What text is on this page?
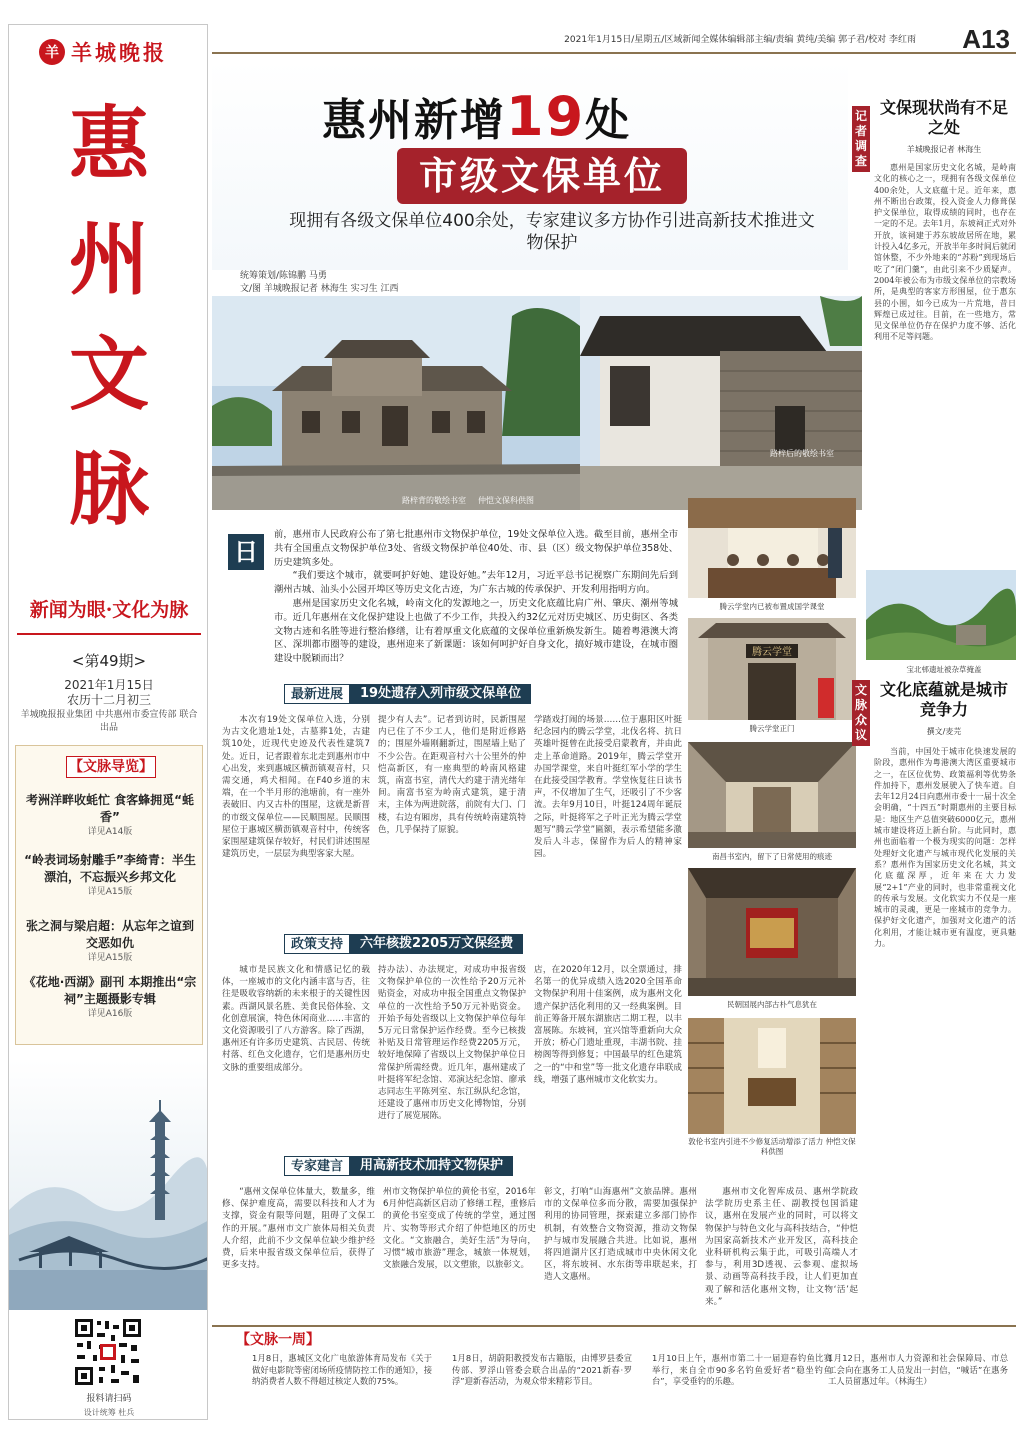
羊 羊城晚报
惠
州
文
脉
新闻为眼·文化为脉
<第49期>
2021年1月15日
农历十二月初三
羊城晚报报业集团 中共惠州市委宣传部 联合出品
【文脉导览】
考洲洋畔收蚝忙 食客蜂拥觅“蚝香”
详见A14版
“岭表词场射雕手”李绮青：半生漂泊，不忘振兴乡邦文化
详见A15版
张之洞与梁启超：从忘年之谊到交恶如仇
详见A15版
《花地·西湖》副刊 本期推出“宗祠”主题摄影专辑
详见A16版
报料请扫码
设计统筹 杜兵
2021年1月15日/星期五/区域新闻全媒体编辑部主编/责编 黄纯/美编 郭子君/校对 李红雨 A13
惠州新增19处
市级文保单位
现拥有各级文保单位400余处，专家建议多方协作引进高新技术推进文物保护
统筹策划/陈锦鹏 马勇
文/图 羊城晚报记者 林海生 实习生 江西
路梓背的敬绘书室
路梓后的敬绘书室
仲恺文保科供图
日

前，惠州市人民政府公布了第七批惠州市文物保护单位，19处文保单位入选。截至目前，惠州全市共有全国重点文物保护单位3处、省级文物保护单位40处、市、县（区）级文物保护单位358处、历史建筑多处。

“我们要这个城市，就要呵护好她、建设好她。”去年12月，习近平总书记视察广东期间先后到潮州古城、汕头小公园开埠区等历史文化古迹，为广东古城的传承保护、开发利用指明方向。

惠州是国家历史文化名城，岭南文化的发源地之一，历史文化底蕴比肩广州、肇庆、潮州等城市。近几年惠州在文化保护建设上也做了不少工作，共投入约32亿元对历史城区、历史街区、各类文物古迹和名胜等进行整治修缮，让有着厚重文化底蕴的文保单位重新焕发新生。随着粤港澳大湾区、深圳都市圈等的建设，惠州迎来了新课题：该如何呵护好自身文化，搞好城市建设，在城市圈建设中脱颖而出？

最新进展	19处遗存入列市级文保单位
本次有19处文保单位入选，分别为古文化遗址1处，古墓葬1处，古建筑10处，近现代史迹及代表性建筑7处。近日，记者跟着东北走到惠州市中心出发，来到惠城区横沥镇观音村，只需交通，鸡犬相闻。在F40乡道的末端，在一个半月形的池塘前，有一座外表破旧、内又古朴的围屋，这就是新晋的市级文保单位——民顺围屋。民顺围屋位于惠城区横沥镇观音村中，传统客家围屋建筑保存较好，村民们讲述围屋建筑历史，一层层为典型客家大屋。
提少有人去”。记者到访时，民新围屋内已住了不少工人，他们是附近修路的；围屋外墙刚翻新过，围屋墙上贴了不少公告。在距观音村六十公里外的仲恺高新区，有一座典型的岭南风格建筑，南富书室，清代大约建于清光绪年间。南富书室为岭南式建筑，建于清末，主体为两进院落，前院有大门、门楼，右边有厢房，具有传统岭南建筑特色，几乎保持了原貌。
学踏戏打闹的场景……位于惠阳区叶挺纪念园内的腾云学堂，北伐名将、抗日英雄叶挺曾在此接受启蒙教育，并由此走上革命道路。2019年，腾云学堂开办国学课堂，来自叶挺红军小学的学生在此接受国学教育。学堂恢复往日读书声，不仅增加了生气，还吸引了不少客流。去年9月10日，叶挺124周年诞辰之际，叶挺将军之子叶正光为腾云学堂题写“腾云学堂”匾额，表示希望能多激发后人斗志，保留作为后人的精神家园。
政策支持	六年核拨2205万文保经费
城市是民族文化和情感记忆的载体，一座城市的文化内涵丰富与否，往往是吸收容纳新的未来根于的关键性因素。西湖风景名胜、美食民俗体验、文化创意展演，特色休闲商业……丰富的文化资源吸引了八方游客。除了西湖，惠州还有许多历史建筑、古民居、传统村落、红色文化遗存，它们是惠州历史文脉的重要组成部分。
持办法）、办法规定，对成功申报省级文物保护单位的一次性给予20万元补贴资金，对成功申报全国重点文物保护单位的一次性给予50万元补贴资金。开始予每处省级以上文物保护单位每年5万元日常保护运作经费。至今已核拨补贴及日常管理运作经费2205万元，较好地保障了省级以上文物保护单位日常保护所需经费。近几年，惠州建成了叶挺将军纪念馆、邓演达纪念馆、廖承志同志生平陈列室、东江纵队纪念馆，还建设了惠州市历史文化博物馆，分别进行了展览展陈。
店，在2020年12月，以全票通过，排名第一的优异成绩入选2020全国革命文物保护利用十佳案例，成为惠州文化遗产保护活化利用的又一经典案例。目前正筹备开展东湖旅店二期工程，以丰富展陈。东坡祠，宜兴馆等重新向大众开放；桥心门遗址重现，丰湖书院、挂榜阁等得到修复；中国最早的红色建筑之一的“中和堂”等一批文化遗存串联成线，增强了惠州城市文化软实力。
专家建言	用高新技术加持文物保护
“惠州文保单位体量大，数量多，维修、保护难度高，需要以科技和人才为支撑，资金有限等问题，阻碍了文保工作的开展。”惠州市文广旅体局相关负责人介绍，此前不少文保单位缺少维护经费，后来申报省级文保单位后，获得了更多支持。
州市文物保护单位的黄伦书室，2016年6月仲恺高新区启动了修缮工程，重修后的黄伦书室变成了传统的学堂，通过图片、实物等形式介绍了仲恺地区的历史文化。“文旅融合，美好生活”为导向，习惯“城市旅游”理念，城旅一体规划，文旅融合发展，以文塑旅，以旅彰文。
彰文，打响“山海惠州”文旅品牌。惠州市的文保单位多而分散，需要加强保护利用的协同管理，探索建立多部门协作机制，有效整合文物资源，推动文物保护与城市发展融合共进。比如说，惠州将四道湖片区打造成城市中央休闲文化区，将东坡祠、水东街等串联起来，打造人文惠州。
惠州市文化智库成员、惠州学院政法学院历史系主任、副教授包国滔建议，惠州在发展产业的同时，可以将文物保护与特色文化与高科技结合，“仲恺为国家高新技术产业开发区，高科技企业科研机构云集于此，可吸引高端人才参与，利用3D透视、云参观、虚拟场景、动画等高科技手段，让人们更加直观了解和活化惠州文物，让文物‘活’起来。”
腾云学堂内已被布置成国学课堂
腾云学堂
腾云学堂正门
南昌书室内，留下了日常使用的痕迹
民朝国展内部古朴气息犹在
敦伦书室内引进不少修复活动增添了活力 仲恺文保科供图
记
者
调
查
文保现状尚有不足之处
羊城晚报记者 林海生
惠州是国家历史文化名城，是岭南文化的核心之一，现拥有各级文保单位400余处，人文底蕴十足。近年来，惠州不断出台政策，投入资金人力修葺保护文保单位，取得成绩的同时，也存在一定的不足。去年1月，东坡祠正式对外开放，该祠建于苏东坡故居所在地，累计投入4亿多元，开放半年多时间后就闭馆休整，不少外地来的“苏粉”到现场后吃了“闭门羹”，由此引来不少质疑声。2004年被公布为市级文保单位的宗教场所，是典型的客家方形围屋，位于惠东县的小围，如今已成为一片荒地，昔日辉煌已成过往。目前，在一些地方，常见文保单位仍存在保护力度不够、活化利用不足等问题。
宝北邨遗址被杂草掩盖
文
脉
众
议
文化底蕴就是城市竞争力
撰文/麦芫
当前，中国处于城市化快速发展的阶段，惠州作为粤港澳大湾区重要城市之一，在区位优势、政策福利等优势条件加持下，惠州发展驶入了快车道。自去年12月24日向惠州市委十一届十次全会明确，“十四五”时期惠州的主要目标是：地区生产总值突破6000亿元，惠州城市建设将迈上新台阶。与此同时，惠州也面临着一个极为现实的问题：怎样处理好文化遗产与城市现代化发展的关系？惠州作为国家历史文化名城，其文化底蕴深厚，近年来在大力发展“2+1”产业的同时，也非常重视文化的传承与发展。文化软实力不仅是一座城市的灵魂，更是一座城市的竞争力。保护好文化遗产，加强对文化遗产的活化利用，才能让城市更有温度，更具魅力。
【文脉一周】
1月8日，惠城区文化广电旅游体育局发布《关于做好电影院等密闭场所疫情防控工作的通知》，接纳消费者人数不得超过核定人数的75%。
1月8日，胡蔚阳教授发布古籍版，由博罗县委宣传部、罗浮山管委会联合出品的“2021新春·罗浮”迎新春活动，为观众带来精彩节目。
1月10日上午，惠州市第二十一届迎春钓鱼比赛举行，来自全市90多名钓鱼爱好者“稳坐钓鱼台”，享受垂钓的乐趣。
1月12日，惠州市人力资源和社会保障局、市总工会向在惠务工人员发出一封信，“喊话”在惠务工人员留惠过年。（林海生）
